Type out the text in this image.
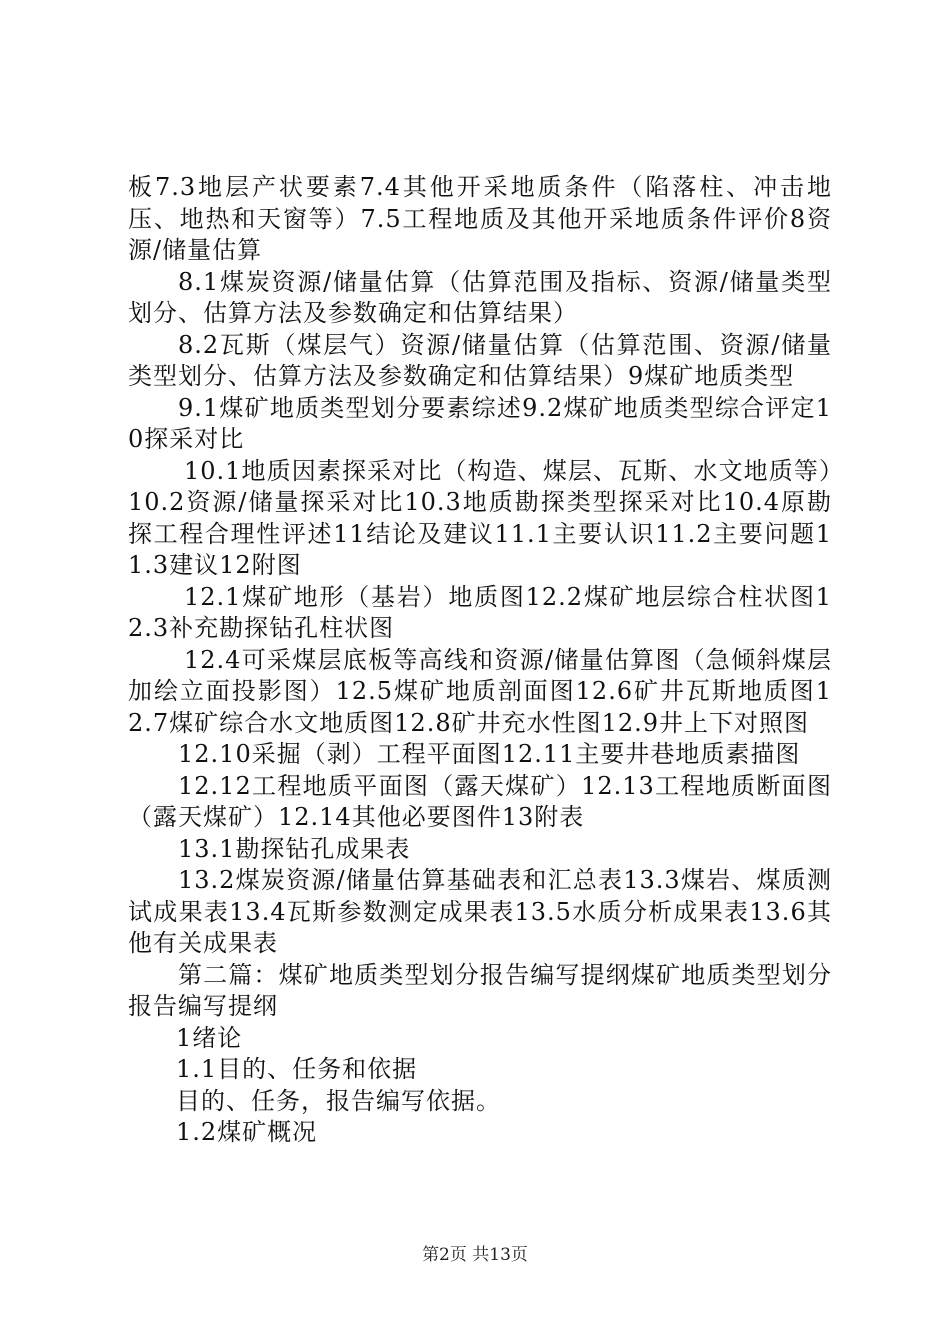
板7.3地层产状要素7.4其他开采地质条件（陷落柱、冲击地压、地热和天窗等）7.5工程地质及其他开采地质条件评价8资源/储量估算

8.1煤炭资源/储量估算（估算范围及指标、资源/储量类型划分、估算方法及参数确定和估算结果）

8.2瓦斯（煤层气）资源/储量估算（估算范围、资源/储量类型划分、估算方法及参数确定和估算结果）9煤矿地质类型

9.1煤矿地质类型划分要素综述9.2煤矿地质类型综合评定10探采对比

10.1地质因素探采对比（构造、煤层、瓦斯、水文地质等）10.2资源/储量探采对比10.3地质勘探类型探采对比10.4原勘探工程合理性评述11结论及建议11.1主要认识11.2主要问题11.3建议12附图

12.1煤矿地形（基岩）地质图12.2煤矿地层综合柱状图12.3补充勘探钻孔柱状图

12.4可采煤层底板等高线和资源/储量估算图（急倾斜煤层加绘立面投影图）12.5煤矿地质剖面图12.6矿井瓦斯地质图12.7煤矿综合水文地质图12.8矿井充水性图12.9井上下对照图

12.10采掘（剥）工程平面图12.11主要井巷地质素描图

12.12工程地质平面图（露天煤矿）12.13工程地质断面图（露天煤矿）12.14其他必要图件13附表

13.1勘探钻孔成果表

13.2煤炭资源/储量估算基础表和汇总表13.3煤岩、煤质测试成果表13.4瓦斯参数测定成果表13.5水质分析成果表13.6其他有关成果表

第二篇：煤矿地质类型划分报告编写提纲煤矿地质类型划分报告编写提纲

1绪论

1.1目的、任务和依据

目的、任务，报告编写依据。

1.2煤矿概况

第2页 共13页
